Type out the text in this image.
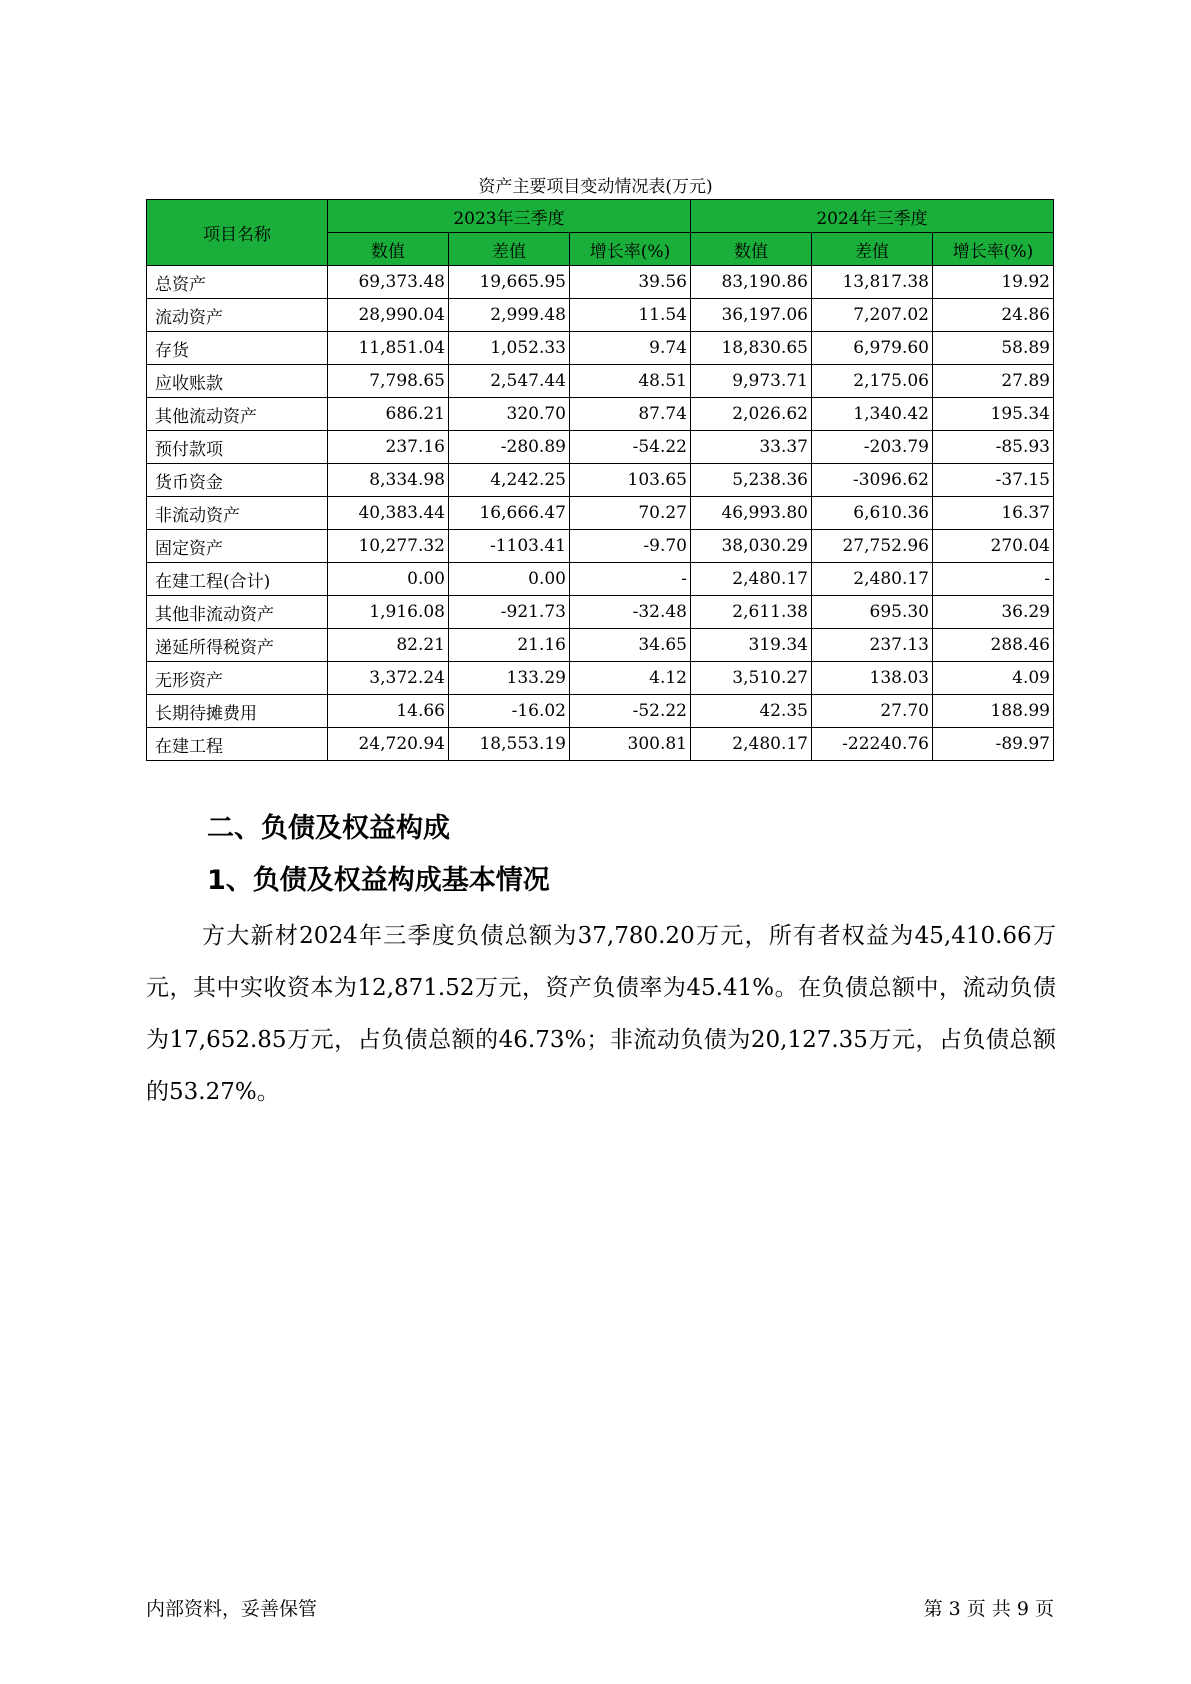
资产主要项目变动情况表(万元)
项目名称	2023年三季度			2024年三季度		
	数值	差值	增长率(%)	数值	差值	增长率(%)
总资产	69,373.48	19,665.95	39.56	83,190.86	13,817.38	19.92
流动资产	28,990.04	2,999.48	11.54	36,197.06	7,207.02	24.86
存货	11,851.04	1,052.33	9.74	18,830.65	6,979.60	58.89
应收账款	7,798.65	2,547.44	48.51	9,973.71	2,175.06	27.89
其他流动资产	686.21	320.70	87.74	2,026.62	1,340.42	195.34
预付款项	237.16	-280.89	-54.22	33.37	-203.79	-85.93
货币资金	8,334.98	4,242.25	103.65	5,238.36	-3096.62	-37.15
非流动资产	40,383.44	16,666.47	70.27	46,993.80	6,610.36	16.37
固定资产	10,277.32	-1103.41	-9.70	38,030.29	27,752.96	270.04
在建工程(合计)	0.00	0.00	-	2,480.17	2,480.17	-
其他非流动资产	1,916.08	-921.73	-32.48	2,611.38	695.30	36.29
递延所得税资产	82.21	21.16	34.65	319.34	237.13	288.46
无形资产	3,372.24	133.29	4.12	3,510.27	138.03	4.09
长期待摊费用	14.66	-16.02	-52.22	42.35	27.70	188.99
在建工程	24,720.94	18,553.19	300.81	2,480.17	-22240.76	-89.97
二、负债及权益构成
1、负债及权益构成基本情况

方大新材2024年三季度负债总额为37,780.20万元，所有者权益为45,410.66万元，其中实收资本为12,871.52万元，资产负债率为45.41%。在负债总额中，流动负债为17,652.85万元，占负债总额的46.73%；非流动负债为20,127.35万元，占负债总额的53.27%。

内部资料，妥善保管	第 3 页 共 9 页
